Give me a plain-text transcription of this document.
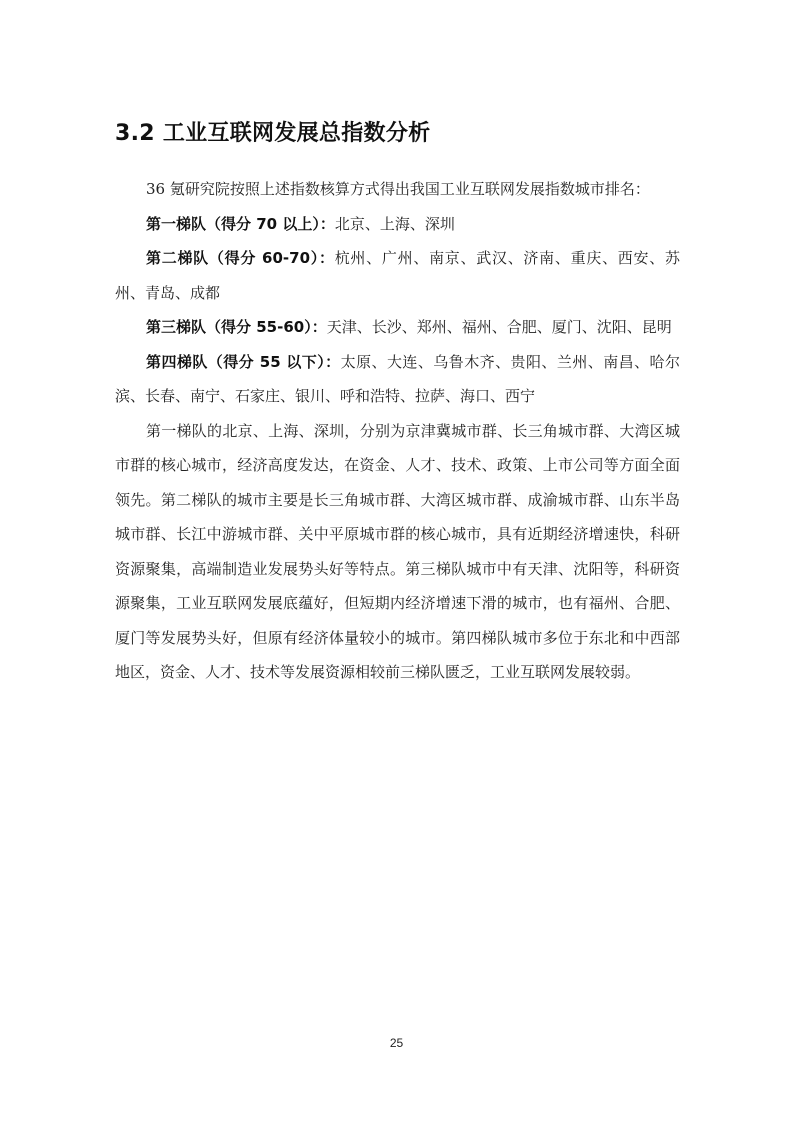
3.2 工业互联网发展总指数分析

36 氪研究院按照上述指数核算方式得出我国工业互联网发展指数城市排名：

第一梯队（得分 70 以上）：北京、上海、深圳

第二梯队（得分 60-70）：杭州、广州、南京、武汉、济南、重庆、西安、苏州、青岛、成都

第三梯队（得分 55-60）：天津、长沙、郑州、福州、合肥、厦门、沈阳、昆明

第四梯队（得分 55 以下）：太原、大连、乌鲁木齐、贵阳、兰州、南昌、哈尔滨、长春、南宁、石家庄、银川、呼和浩特、拉萨、海口、西宁

第一梯队的北京、上海、深圳，分别为京津冀城市群、长三角城市群、大湾区城市群的核心城市，经济高度发达，在资金、人才、技术、政策、上市公司等方面全面领先。第二梯队的城市主要是长三角城市群、大湾区城市群、成渝城市群、山东半岛城市群、长江中游城市群、关中平原城市群的核心城市，具有近期经济增速快，科研资源聚集，高端制造业发展势头好等特点。第三梯队城市中有天津、沈阳等，科研资源聚集，工业互联网发展底蕴好，但短期内经济增速下滑的城市，也有福州、合肥、厦门等发展势头好，但原有经济体量较小的城市。第四梯队城市多位于东北和中西部地区，资金、人才、技术等发展资源相较前三梯队匮乏，工业互联网发展较弱。

25
